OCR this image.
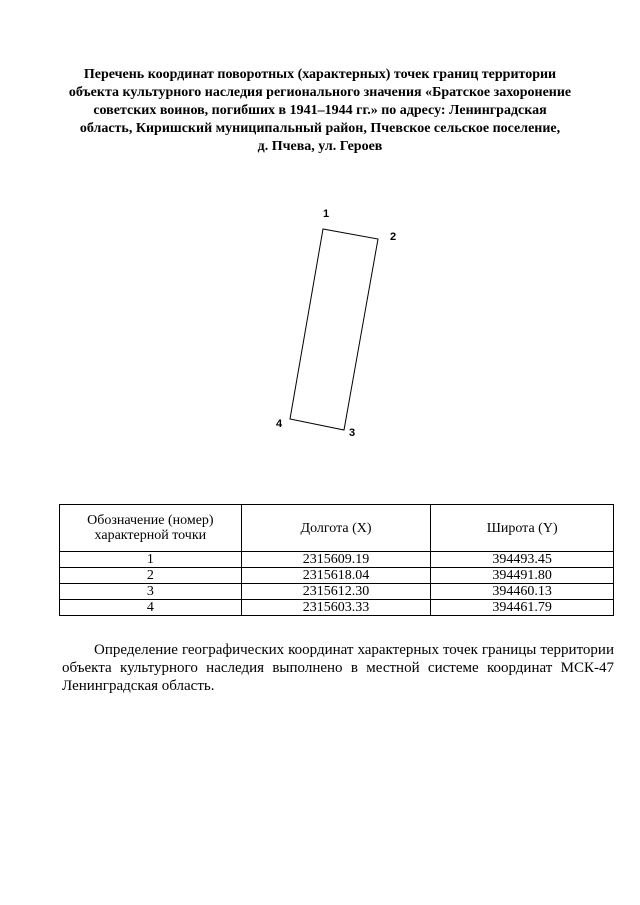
Перечень координат поворотных (характерных) точек границ территории
объекта культурного наследия регионального значения «Братское захоронение
советских воинов, погибших в 1941–1944 гг.» по адресу: Ленинградская
область, Киришский муниципальный район, Пчевское сельское поселение,
д. Пчева, ул. Героев
1
2
3
4
Обозначение (номер)
характерной точки	Долгота (X)	Широта (Y)
1	2315609.19	394493.45
2	2315618.04	394491.80
3	2315612.30	394460.13
4	2315603.33	394461.79

Определение географических координат характерных точек границы территории объекта культурного наследия выполнено в местной системе координат МСК-47 Ленинградская область.
